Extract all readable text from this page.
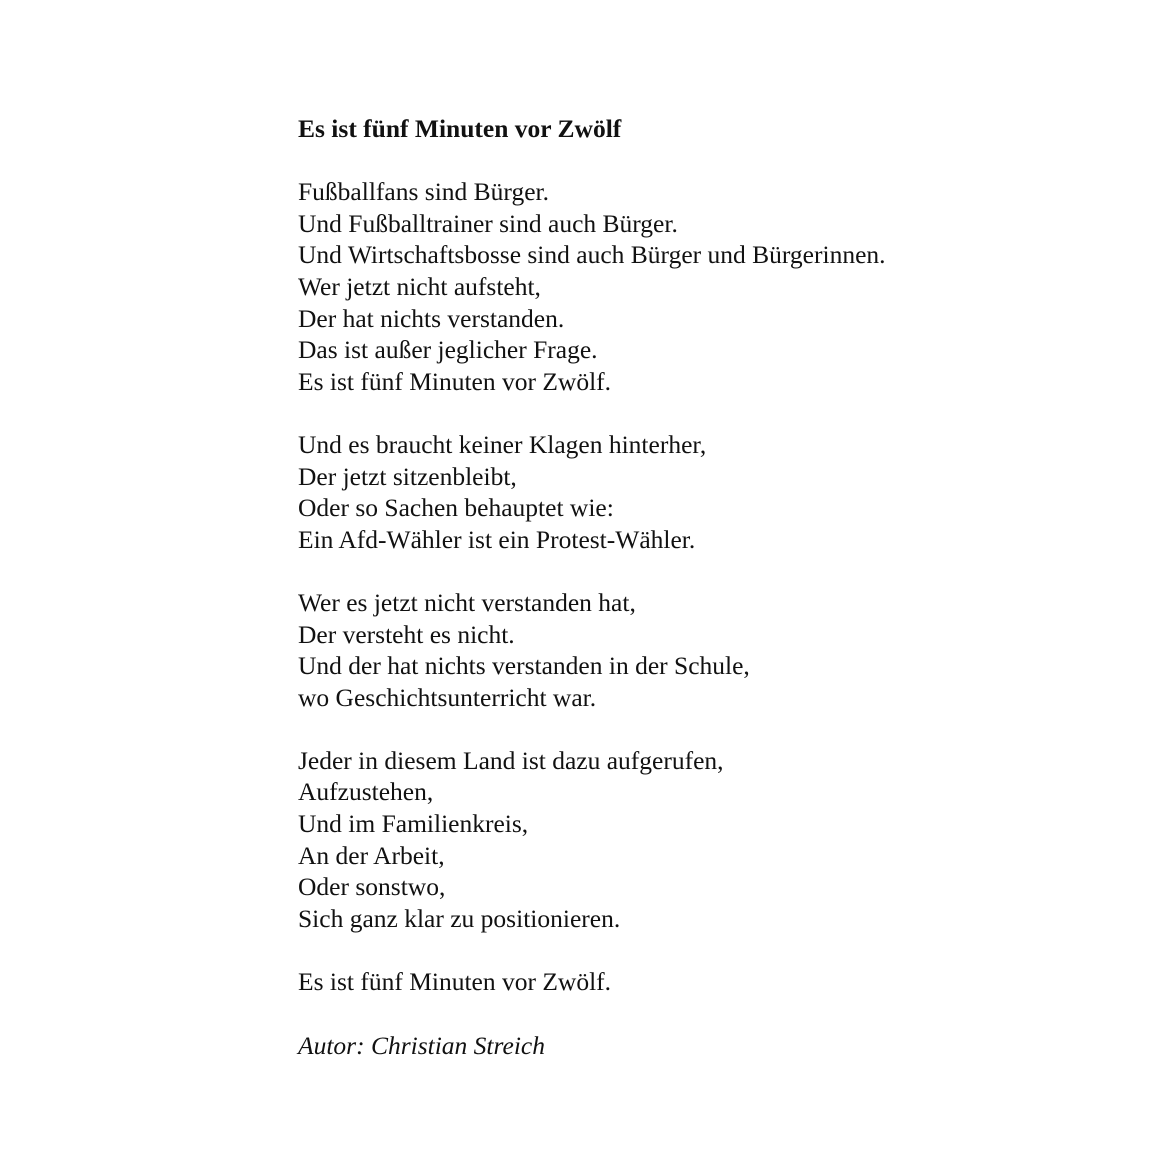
Es ist fünf Minuten vor Zwölf
Fußballfans sind Bürger.
Und Fußballtrainer sind auch Bürger.
Und Wirtschaftsbosse sind auch Bürger und Bürgerinnen.
Wer jetzt nicht aufsteht,
Der hat nichts verstanden.
Das ist außer jeglicher Frage.
Es ist fünf Minuten vor Zwölf.
Und es braucht keiner Klagen hinterher,
Der jetzt sitzenbleibt,
Oder so Sachen behauptet wie:
Ein Afd-Wähler ist ein Protest-Wähler.
Wer es jetzt nicht verstanden hat,
Der versteht es nicht.
Und der hat nichts verstanden in der Schule,
wo Geschichtsunterricht war.
Jeder in diesem Land ist dazu aufgerufen,
Aufzustehen,
Und im Familienkreis,
An der Arbeit,
Oder sonstwo,
Sich ganz klar zu positionieren.
Es ist fünf Minuten vor Zwölf.
Autor: Christian Streich
